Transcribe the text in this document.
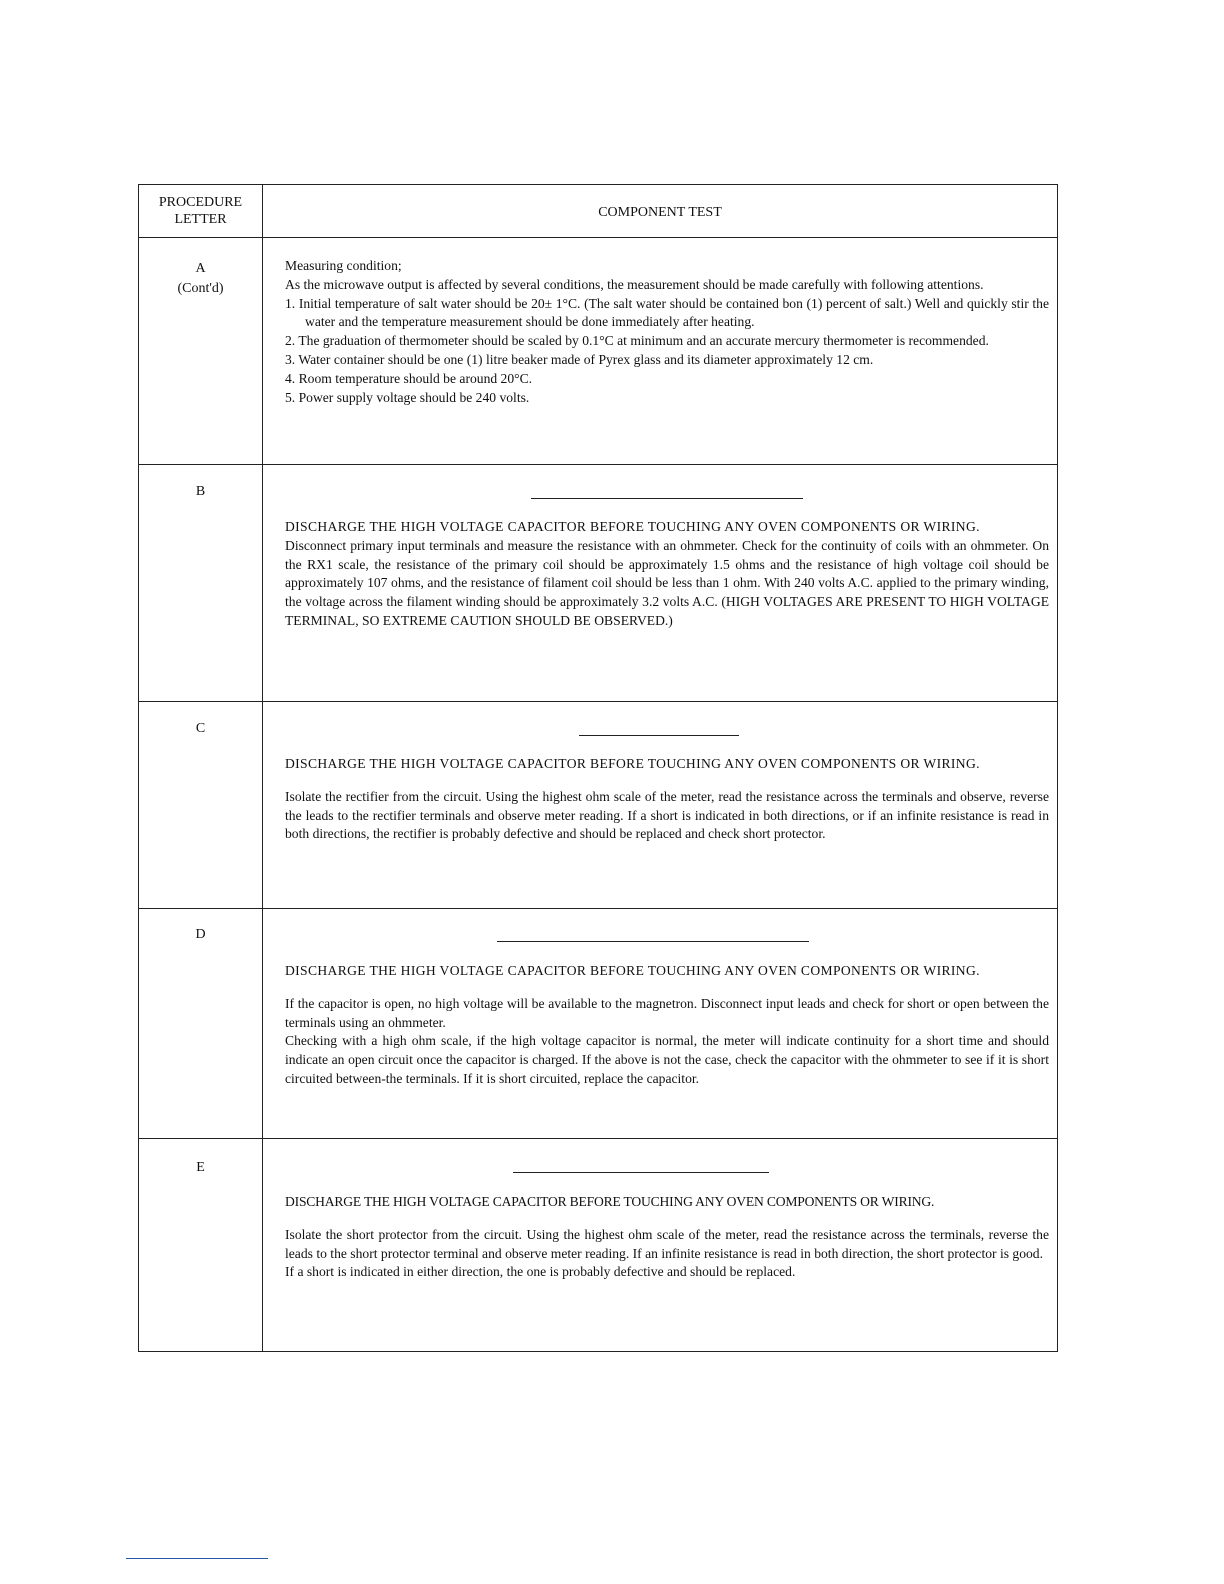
PROCEDURE LETTER	COMPONENT TEST
A
(Cont'd)

Measuring condition;

As the microwave output is affected by several conditions, the measurement should be made carefully with following attentions.

1. Initial temperature of salt water should be 20± 1°C. (The salt water should be contained bon (1) percent of salt.) Well and quickly stir the water and the temperature measurement should be done immediately after heating.

2. The graduation of thermometer should be scaled by 0.1°C at minimum and an accurate mercury thermometer is recommended.

3. Water container should be one (1) litre beaker made of Pyrex glass and its diameter approximately 12 cm.

4. Room temperature should be around 20°C.

5. Power supply voltage should be 240 volts.

B

DISCHARGE THE HIGH VOLTAGE CAPACITOR BEFORE TOUCHING ANY OVEN COMPONENTS OR WIRING.

Disconnect primary input terminals and measure the resistance with an ohmmeter. Check for the continuity of coils with an ohmmeter. On the RX1 scale, the resistance of the primary coil should be approximately 1.5 ohms and the resistance of high voltage coil should be approximately 107 ohms, and the resistance of filament coil should be less than 1 ohm. With 240 volts A.C. applied to the primary winding, the voltage across the filament winding should be approximately 3.2 volts A.C. (HIGH VOLTAGES ARE PRESENT TO HIGH VOLTAGE TERMINAL, SO EXTREME CAUTION SHOULD BE OBSERVED.)

C

DISCHARGE THE HIGH VOLTAGE CAPACITOR BEFORE TOUCHING ANY OVEN COMPONENTS OR WIRING.

Isolate the rectifier from the circuit. Using the highest ohm scale of the meter, read the resistance across the terminals and observe, reverse the leads to the rectifier terminals and observe meter reading. If a short is indicated in both directions, or if an infinite resistance is read in both directions, the rectifier is probably defective and should be replaced and check short protector.

D

DISCHARGE THE HIGH VOLTAGE CAPACITOR BEFORE TOUCHING ANY OVEN COMPONENTS OR WIRING.

If the capacitor is open, no high voltage will be available to the magnetron. Disconnect input leads and check for short or open between the terminals using an ohmmeter.

Checking with a high ohm scale, if the high voltage capacitor is normal, the meter will indicate continuity for a short time and should indicate an open circuit once the capacitor is charged. If the above is not the case, check the capacitor with the ohmmeter to see if it is short circuited between-the terminals. If it is short circuited, replace the capacitor.

E

DISCHARGE THE HIGH VOLTAGE CAPACITOR BEFORE TOUCHING ANY OVEN COMPONENTS OR WIRING.

Isolate the short protector from the circuit. Using the highest ohm scale of the meter, read the resistance across the terminals, reverse the leads to the short protector terminal and observe meter reading. If an infinite resistance is read in both direction, the short protector is good.

If a short is indicated in either direction, the one is probably defective and should be replaced.
